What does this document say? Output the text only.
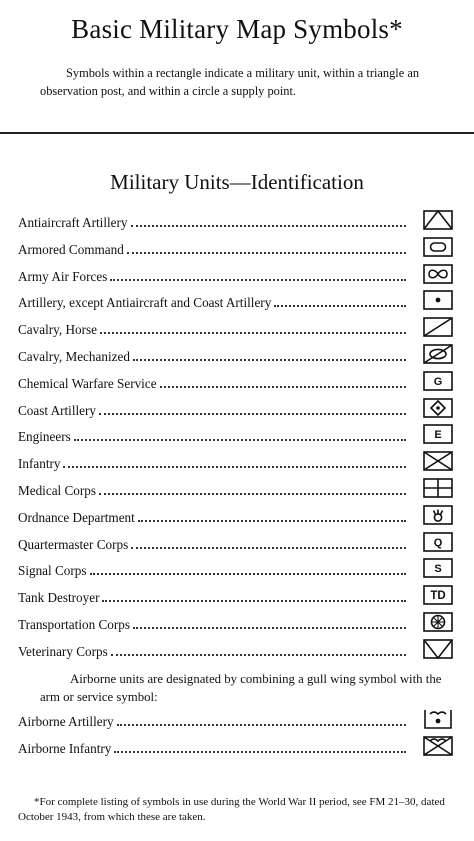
Basic Military Map Symbols*
Symbols within a rectangle indicate a military unit, within a triangle an observation post, and within a circle a supply point.
Military Units—Identification
Antiaircraft Artillery
Armored Command
Army Air Forces
Artillery, except Antiaircraft and Coast Artillery
Cavalry, Horse
Cavalry, Mechanized
Chemical Warfare Service	G
Coast Artillery
Engineers	E
Infantry
Medical Corps
Ordnance Department
Quartermaster Corps	Q
Signal Corps	S
Tank Destroyer	TD
Transportation Corps
Veterinary Corps
Airborne units are designated by combining a gull wing symbol with the arm or service symbol:
Airborne Artillery
Airborne Infantry
*For complete listing of symbols in use during the World War II period, see FM 21–30, dated October 1943, from which these are taken.
